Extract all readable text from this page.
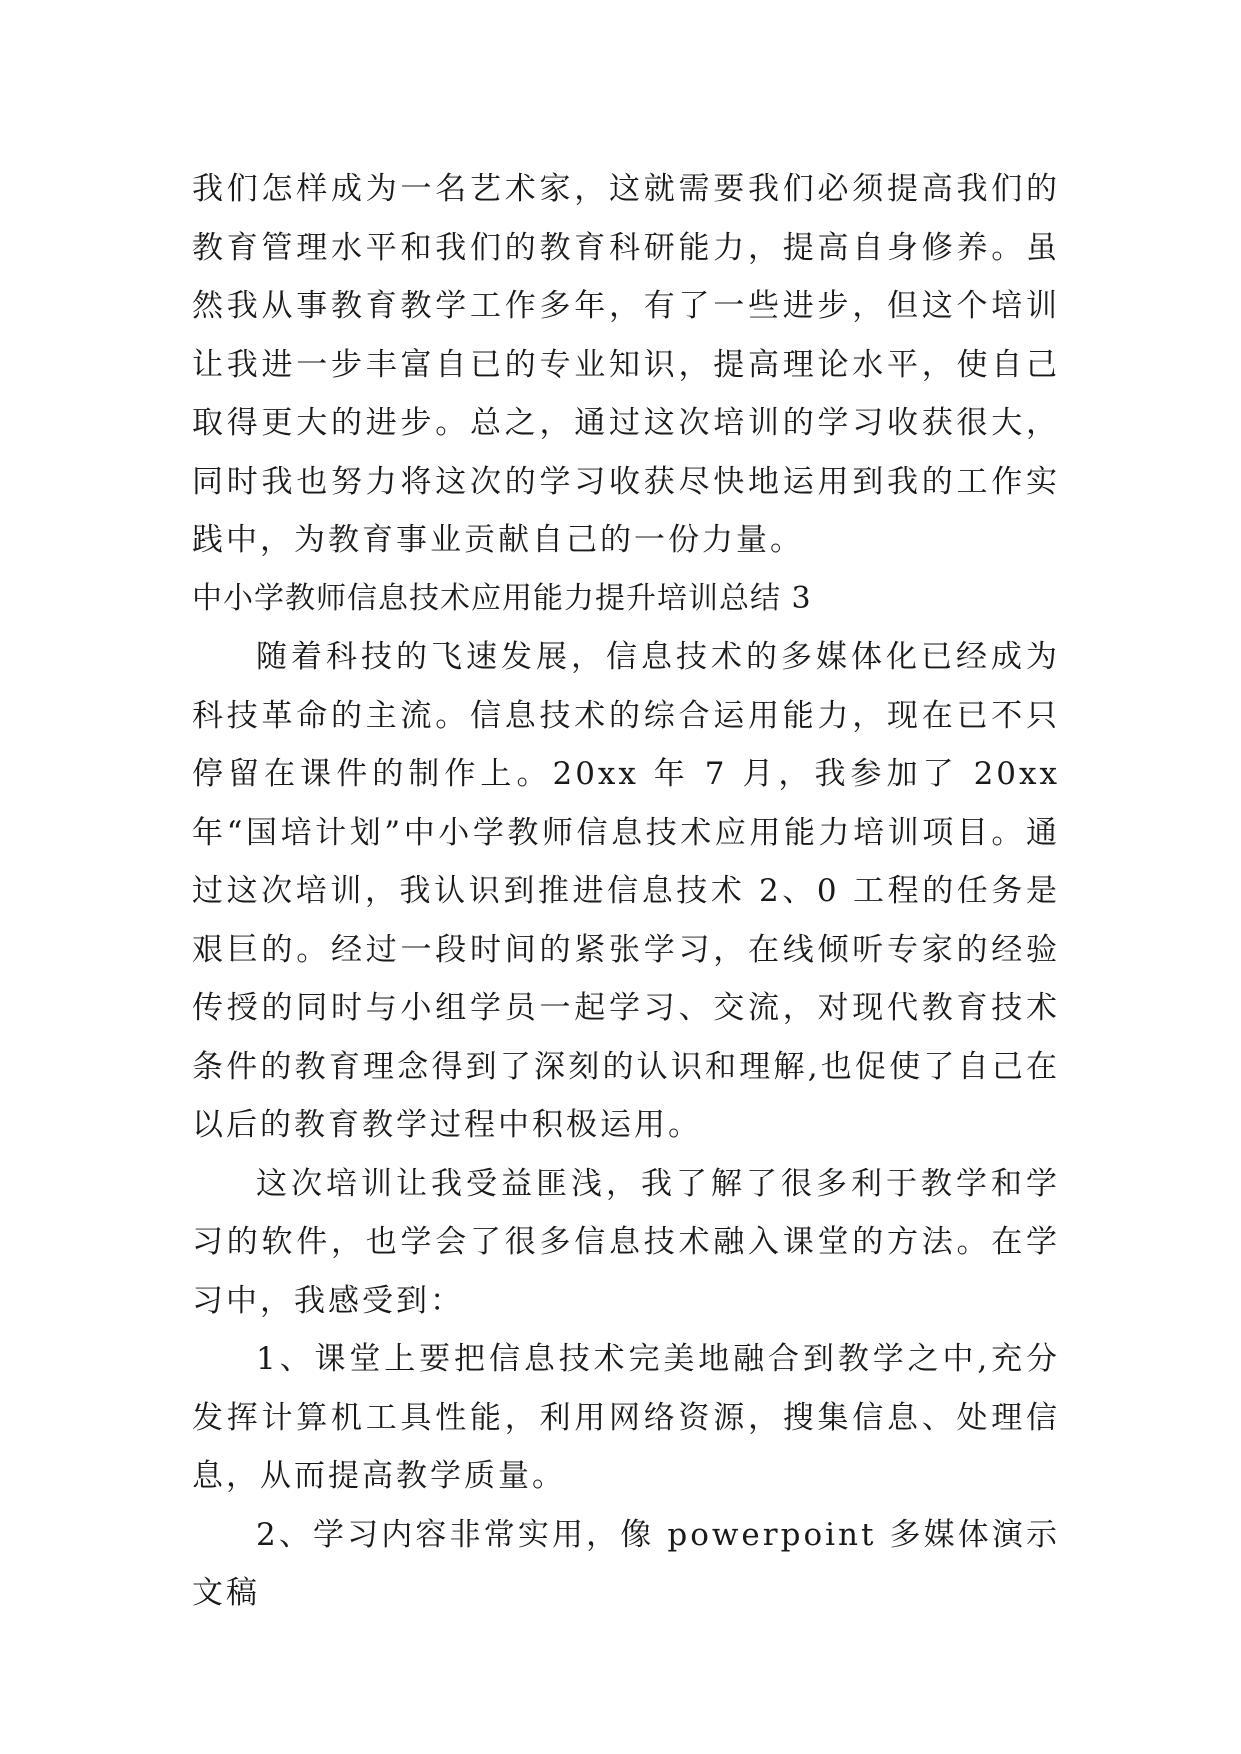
我们怎样成为一名艺术家，这就需要我们必须提高我们的教育管理水平和我们的教育科研能力，提高自身修养。虽然我从事教育教学工作多年，有了一些进步，但这个培训让我进一步丰富自已的专业知识，提高理论水平，使自己取得更大的进步。总之，通过这次培训的学习收获很大，同时我也努力将这次的学习收获尽快地运用到我的工作实践中，为教育事业贡献自己的一份力量。

中小学教师信息技术应用能力提升培训总结 3

随着科技的飞速发展，信息技术的多媒体化已经成为科技革命的主流。信息技术的综合运用能力，现在已不只停留在课件的制作上。20xx 年 7 月，我参加了 20xx 年“国培计划”中小学教师信息技术应用能力培训项目。通过这次培训，我认识到推进信息技术 2、0 工程的任务是艰巨的。经过一段时间的紧张学习，在线倾听专家的经验传授的同时与小组学员一起学习、交流，对现代教育技术条件的教育理念得到了深刻的认识和理解,也促使了自己在以后的教育教学过程中积极运用。

这次培训让我受益匪浅，我了解了很多利于教学和学习的软件，也学会了很多信息技术融入课堂的方法。在学习中，我感受到：

1、课堂上要把信息技术完美地融合到教学之中,充分发挥计算机工具性能，利用网络资源，搜集信息、处理信息，从而提高教学质量。

2、学习内容非常实用，像 powerpoint 多媒体演示文稿
